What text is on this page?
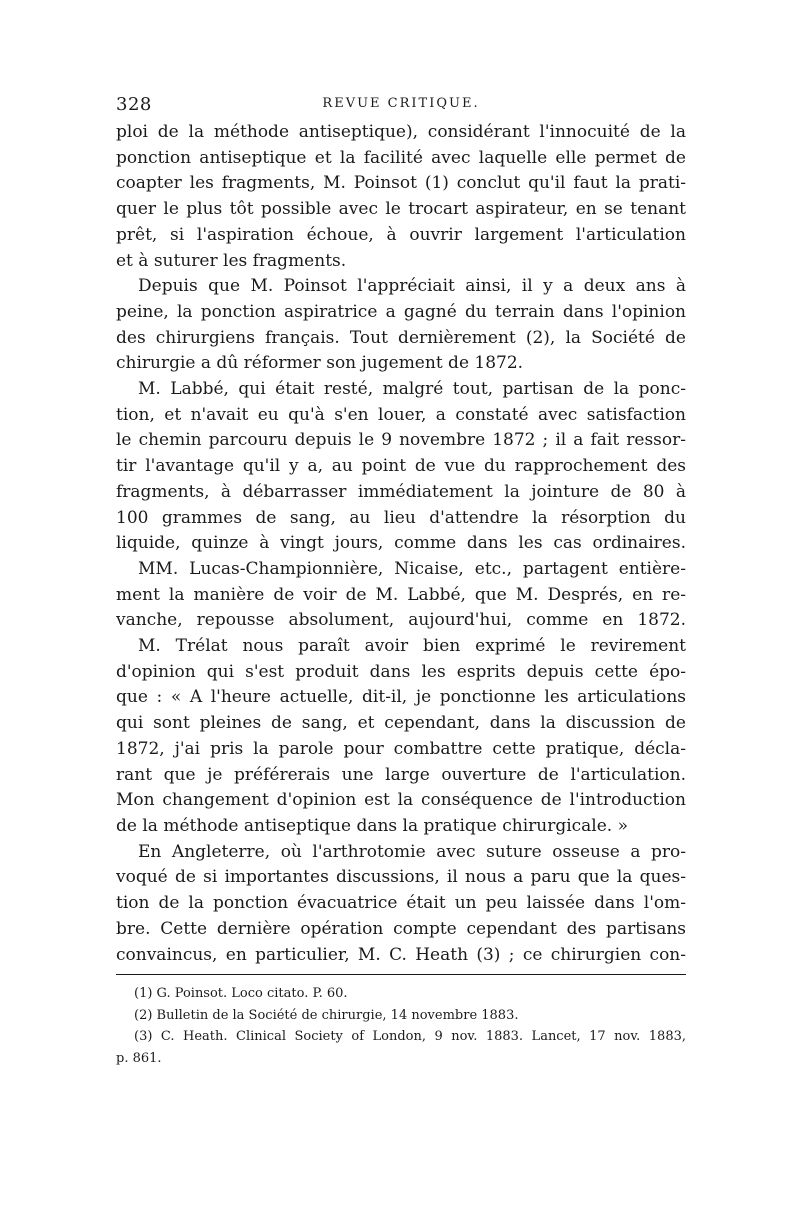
328	REVUE CRITIQUE.
ploi de la méthode antiseptique), considérant l'innocuité de la
ponction antiseptique et la facilité avec laquelle elle permet de
coapter les fragments, M. Poinsot (1) conclut qu'il faut la prati-
quer le plus tôt possible avec le trocart aspirateur, en se tenant
prêt, si l'aspiration échoue, à ouvrir largement l'articulation
et à suturer les fragments.
Depuis que M. Poinsot l'appréciait ainsi, il y a deux ans à
peine, la ponction aspiratrice a gagné du terrain dans l'opinion
des chirurgiens français. Tout dernièrement (2), la Société de
chirurgie a dû réformer son jugement de 1872.
M. Labbé, qui était resté, malgré tout, partisan de la ponc-
tion, et n'avait eu qu'à s'en louer, a constaté avec satisfaction
le chemin parcouru depuis le 9 novembre 1872 ; il a fait ressor-
tir l'avantage qu'il y a, au point de vue du rapprochement des
fragments, à débarrasser immédiatement la jointure de 80 à
100 grammes de sang, au lieu d'attendre la résorption du
liquide, quinze à vingt jours, comme dans les cas ordinaires.
MM. Lucas-Championnière, Nicaise, etc., partagent entière-
ment la manière de voir de M. Labbé, que M. Després, en re-
vanche, repousse absolument, aujourd'hui, comme en 1872.
M. Trélat nous paraît avoir bien exprimé le revirement
d'opinion qui s'est produit dans les esprits depuis cette épo-
que : « A l'heure actuelle, dit-il, je ponctionne les articulations
qui sont pleines de sang, et cependant, dans la discussion de
1872, j'ai pris la parole pour combattre cette pratique, décla-
rant que je préférerais une large ouverture de l'articulation.
Mon changement d'opinion est la conséquence de l'introduction
de la méthode antiseptique dans la pratique chirurgicale. »
En Angleterre, où l'arthrotomie avec suture osseuse a pro-
voqué de si importantes discussions, il nous a paru que la ques-
tion de la ponction évacuatrice était un peu laissée dans l'om-
bre. Cette dernière opération compte cependant des partisans
convaincus, en particulier, M. C. Heath (3) ; ce chirurgien con-
(1) G. Poinsot. Loco citato. P. 60.
(2) Bulletin de la Société de chirurgie, 14 novembre 1883.
(3) C. Heath. Clinical Society of London, 9 nov. 1883. Lancet, 17 nov. 1883,
p. 861.
